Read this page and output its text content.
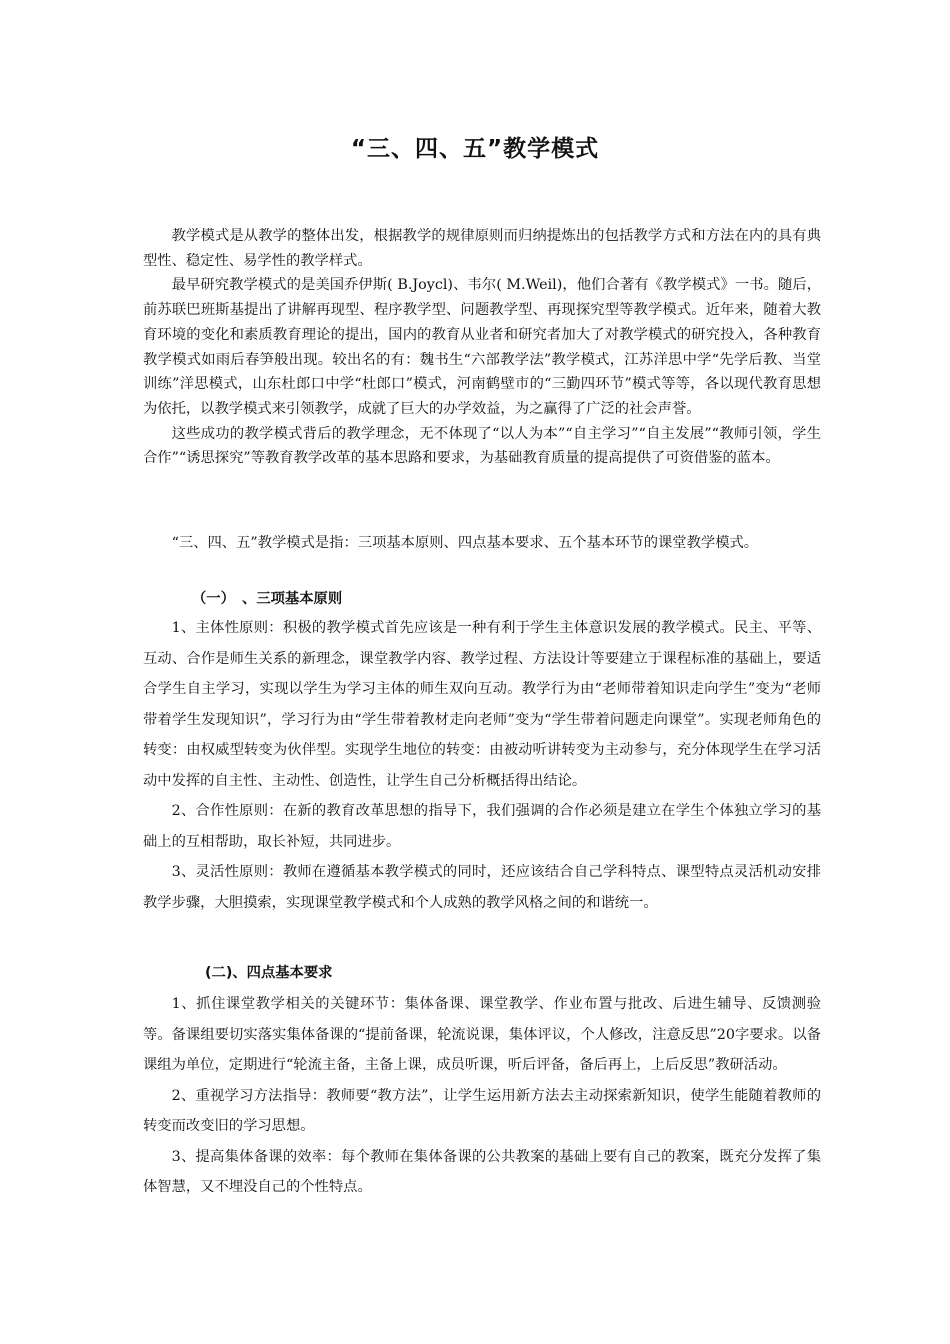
“三、四、五”教学模式

教学模式是从教学的整体出发，根据教学的规律原则而归纳提炼出的包括教学方式和方法在内的具有典型性、稳定性、易学性的教学样式。

最早研究教学模式的是美国乔伊斯( B.Joycl)、韦尔( M.Weil)，他们合著有《教学模式》一书。随后，前苏联巴班斯基提出了讲解再现型、程序教学型、问题教学型、再现探究型等教学模式。近年来，随着大教育环境的变化和素质教育理论的提出，国内的教育从业者和研究者加大了对教学模式的研究投入，各种教育教学模式如雨后春笋般出现。较出名的有：魏书生“六部教学法”教学模式，江苏洋思中学“先学后教、当堂训练”洋思模式，山东杜郎口中学“杜郎口”模式，河南鹤壁市的“三勤四环节”模式等等，各以现代教育思想为依托，以教学模式来引领教学，成就了巨大的办学效益，为之赢得了广泛的社会声誉。

这些成功的教学模式背后的教学理念，无不体现了“以人为本”“自主学习”“自主发展”“教师引领，学生合作”“诱思探究”等教育教学改革的基本思路和要求，为基础教育质量的提高提供了可资借鉴的蓝本。

“三、四、五”教学模式是指：三项基本原则、四点基本要求、五个基本环节的课堂教学模式。

（一）　、三项基本原则

1、主体性原则：积极的教学模式首先应该是一种有利于学生主体意识发展的教学模式。民主、平等、互动、合作是师生关系的新理念，课堂教学内容、教学过程、方法设计等要建立于课程标准的基础上，要适合学生自主学习，实现以学生为学习主体的师生双向互动。教学行为由“老师带着知识走向学生”变为“老师带着学生发现知识”，学习行为由“学生带着教材走向老师”变为“学生带着问题走向课堂”。实现老师角色的转变：由权威型转变为伙伴型。实现学生地位的转变：由被动听讲转变为主动参与，充分体现学生在学习活动中发挥的自主性、主动性、创造性，让学生自己分析概括得出结论。

2、合作性原则：在新的教育改革思想的指导下，我们强调的合作必须是建立在学生个体独立学习的基础上的互相帮助，取长补短，共同进步。

3、灵活性原则：教师在遵循基本教学模式的同时，还应该结合自己学科特点、课型特点灵活机动安排教学步骤，大胆摸索，实现课堂教学模式和个人成熟的教学风格之间的和谐统一。

(二)、四点基本要求

1、抓住课堂教学相关的关键环节：集体备课、课堂教学、作业布置与批改、后进生辅导、反馈测验等。备课组要切实落实集体备课的“提前备课，轮流说课，集体评议，个人修改，注意反思”20字要求。以备课组为单位，定期进行“轮流主备，主备上课，成员听课，听后评备，备后再上，上后反思”教研活动。

2、重视学习方法指导：教师要“教方法”，让学生运用新方法去主动探索新知识，使学生能随着教师的转变而改变旧的学习思想。

3、提高集体备课的效率：每个教师在集体备课的公共教案的基础上要有自己的教案，既充分发挥了集体智慧，又不埋没自己的个性特点。
